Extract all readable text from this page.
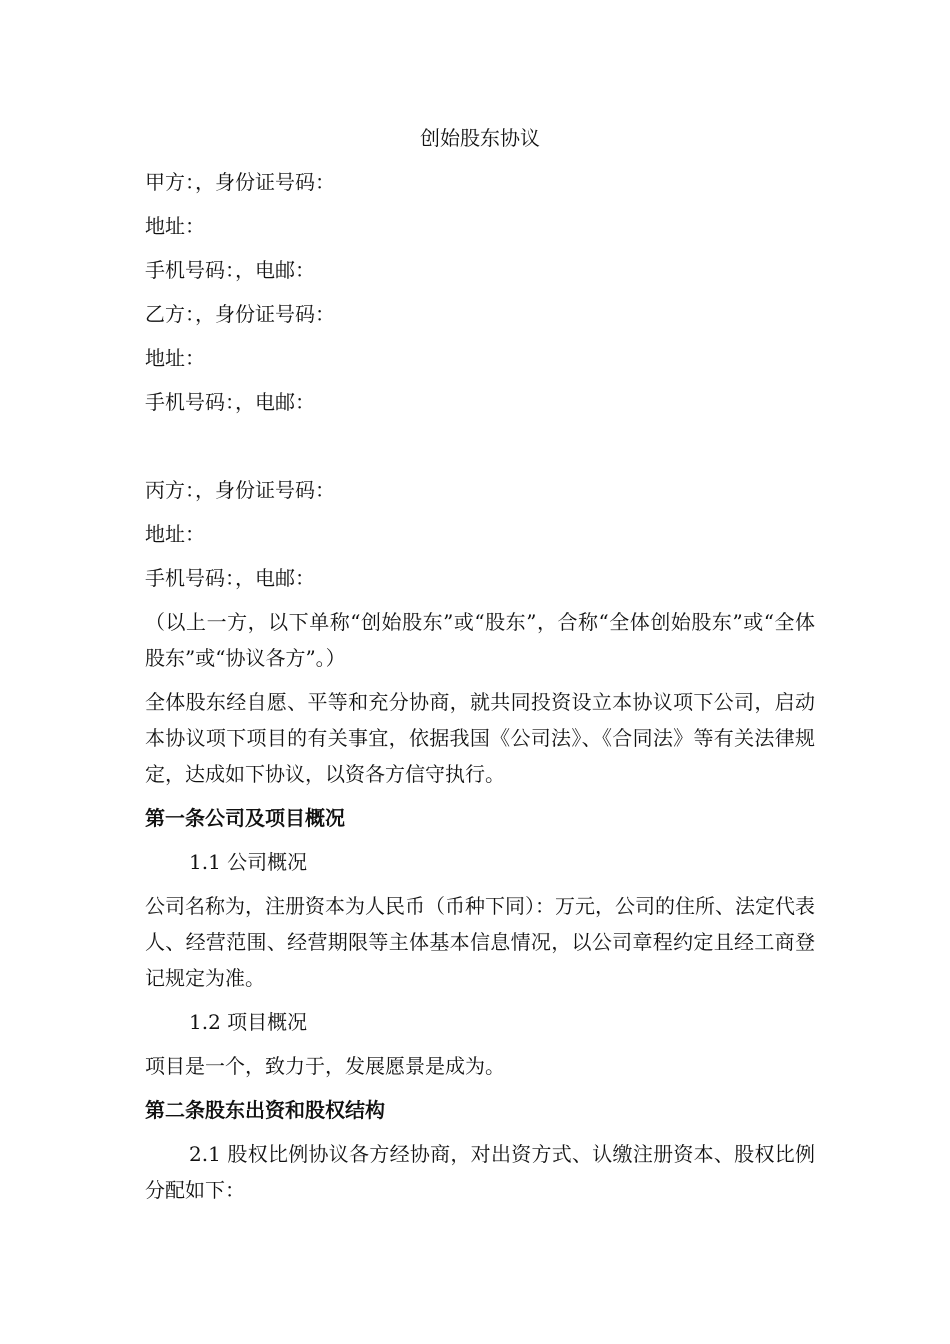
创始股东协议

甲方：，身份证号码：

地址：

手机号码：，电邮：

乙方：，身份证号码：

地址：

手机号码：，电邮：

丙方：，身份证号码：

地址：

手机号码：，电邮：

（以上一方，以下单称“创始股东”或“股东”，合称“全体创始股东”或“全体股东”或“协议各方”。）

全体股东经自愿、平等和充分协商，就共同投资设立本协议项下公司，启动本协议项下项目的有关事宜，依据我国《公司法》、《合同法》等有关法律规定，达成如下协议，以资各方信守执行。

第一条公司及项目概况

1.1 公司概况

公司名称为，注册资本为人民币（币种下同）：万元，公司的住所、法定代表人、经营范围、经营期限等主体基本信息情况，以公司章程约定且经工商登记规定为准。

1.2 项目概况

项目是一个，致力于，发展愿景是成为。

第二条股东出资和股权结构

2.1 股权比例协议各方经协商，对出资方式、认缴注册资本、股权比例分配如下：
